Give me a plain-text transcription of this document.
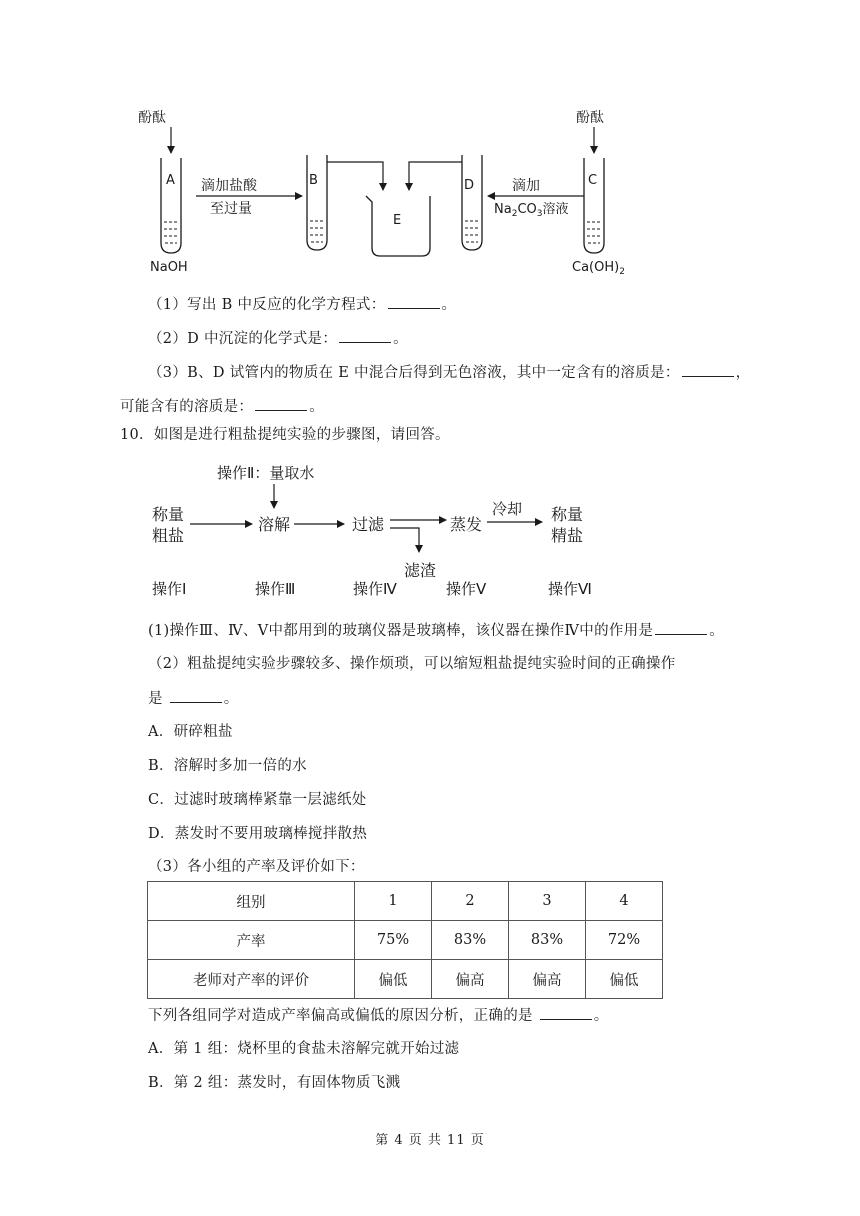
酚酞
A
NaOH
滴加盐酸
至过量
B
E
D	滴加
$Na_2CO_3$溶液
酚酞
C
$Ca(OH)_2$
（1）写出 B 中反应的化学方程式：	。
（2）D 中沉淀的化学式是：	。
（3）B、D 试管内的物质在 E 中混合后得到无色溶液，其中一定含有的溶质是：	，
可能含有的溶质是：	。
10．如图是进行粗盐提纯实验的步骤图，请回答。
操作Ⅱ：量取水
称量
粗盐
溶解	过滤
滤渣
蒸发
冷却 称量
精盐
操作Ⅰ	操作Ⅲ	操作Ⅳ	操作Ⅴ	操作Ⅵ
(1)操作Ⅲ、Ⅳ、Ⅴ中都用到的玻璃仪器是玻璃棒，该仪器在操作Ⅳ中的作用是	。
（2）粗盐提纯实验步骤较多、操作烦琐，可以缩短粗盐提纯实验时间的正确操作
是	。
A．研碎粗盐
B．溶解时多加一倍的水
C．过滤时玻璃棒紧靠一层滤纸处
D．蒸发时不要用玻璃棒搅拌散热
（3）各小组的产率及评价如下：
组别	1	2	3	4
产率	75%	83%	83%	72%
老师对产率的评价	偏低	偏高	偏高	偏低
下列各组同学对造成产率偏高或偏低的原因分析，正确的是	。
A．第 1 组：烧杯里的食盐未溶解完就开始过滤
B．第 2 组：蒸发时，有固体物质飞溅
第 4 页 共 11 页
